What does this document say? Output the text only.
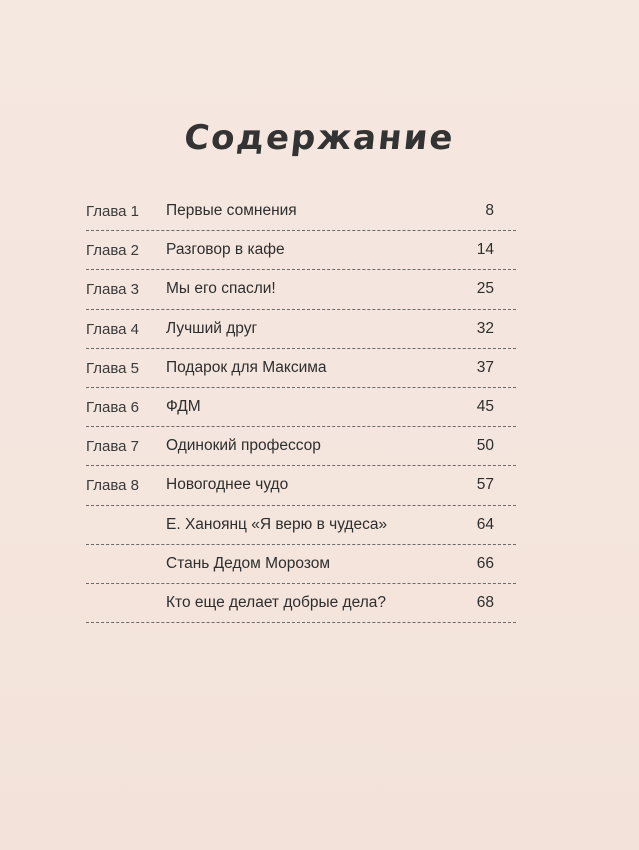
Содержание
Глава 1 Первые сомнения	8
Глава 2 Разговор в кафе	14
Глава 3 Мы его спасли!	25
Глава 4 Лучший друг	32
Глава 5 Подарок для Максима	37
Глава 6 ФДМ	45
Глава 7 Одинокий профессор	50
Глава 8 Новогоднее чудо	57
Е. Ханоянц «Я верю в чудеса»	64
Стань Дедом Морозом	66
Кто еще делает добрые дела?	68
